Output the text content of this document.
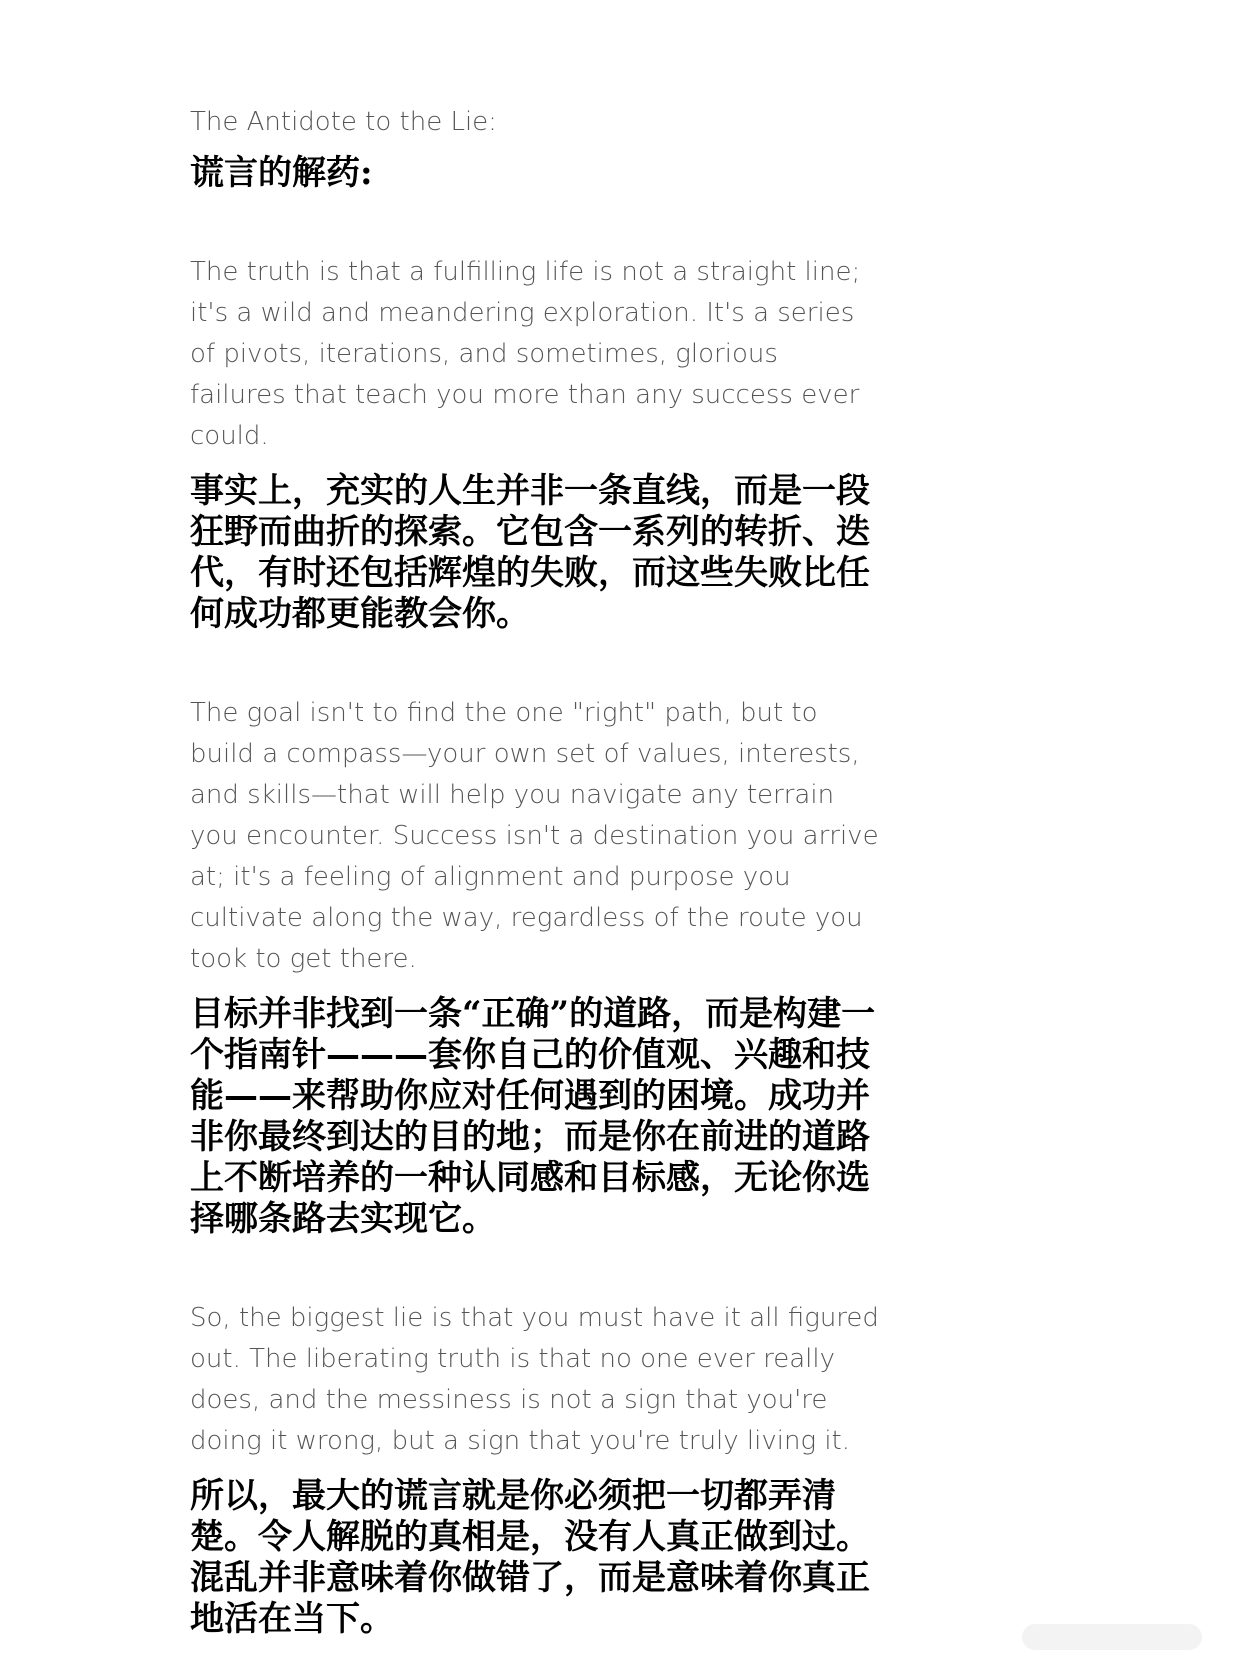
The Antidote to the Lie:

谎言的解药:

The truth is that a fulfilling life is not a straight line; it's a wild and meandering exploration. It's a series of pivots, iterations, and sometimes, glorious failures that teach you more than any success ever could.

事实上，充实的人生并非一条直线，而是一段狂野而曲折的探索。它包含一系列的转折、迭代，有时还包括辉煌的失败，而这些失败比任何成功都更能教会你。

The goal isn't to find the one "right" path, but to build a compass—your own set of values, interests, and skills—that will help you navigate any terrain you encounter. Success isn't a destination you arrive at; it's a feeling of alignment and purpose you cultivate along the way, regardless of the route you took to get there.

目标并非找到一条“正确”的道路，而是构建一个指南针———套你自己的价值观、兴趣和技能——来帮助你应对任何遇到的困境。成功并非你最终到达的目的地；而是你在前进的道路上不断培养的一种认同感和目标感，无论你选择哪条路去实现它。

So, the biggest lie is that you must have it all figured out. The liberating truth is that no one ever really does, and the messiness is not a sign that you're doing it wrong, but a sign that you're truly living it.

所以，最大的谎言就是你必须把一切都弄清楚。令人解脱的真相是，没有人真正做到过。混乱并非意味着你做错了，而是意味着你真正地活在当下。
